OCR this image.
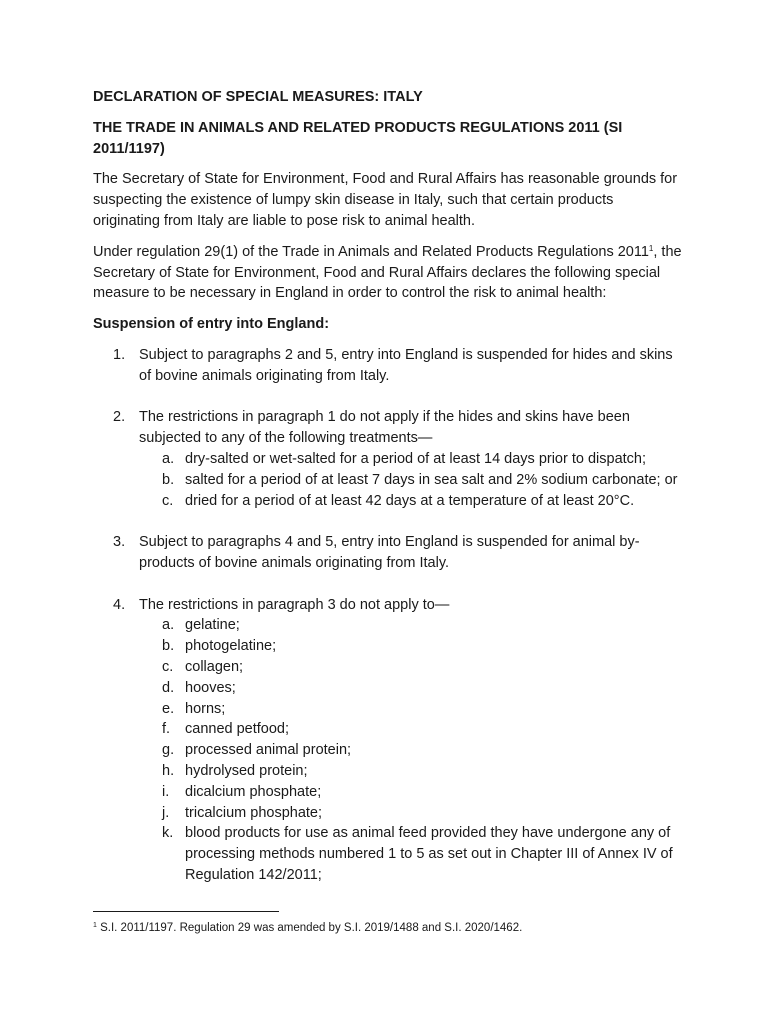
DECLARATION OF SPECIAL MEASURES: ITALY

THE TRADE IN ANIMALS AND RELATED PRODUCTS REGULATIONS 2011 (SI 2011/1197)

The Secretary of State for Environment, Food and Rural Affairs has reasonable grounds for suspecting the existence of lumpy skin disease in Italy, such that certain products originating from Italy are liable to pose risk to animal health.

Under regulation 29(1) of the Trade in Animals and Related Products Regulations 2011$^1$, the Secretary of State for Environment, Food and Rural Affairs declares the following special measure to be necessary in England in order to control the risk to animal health:

Suspension of entry into England:

1. Subject to paragraphs 2 and 5, entry into England is suspended for hides and skins of bovine animals originating from Italy.
2. The restrictions in paragraph 1 do not apply if the hides and skins have been subjected to any of the following treatments—
a. dry-salted or wet-salted for a period of at least 14 days prior to dispatch;
b. salted for a period of at least 7 days in sea salt and 2% sodium carbonate; or
c. dried for a period of at least 42 days at a temperature of at least 20°C.
3. Subject to paragraphs 4 and 5, entry into England is suspended for animal by-products of bovine animals originating from Italy.
4. The restrictions in paragraph 3 do not apply to—
a. gelatine;
b. photogelatine;
c. collagen;
d. hooves;
e. horns;
f. canned petfood;
g. processed animal protein;
h. hydrolysed protein;
i. dicalcium phosphate;
j. tricalcium phosphate;
k. blood products for use as animal feed provided they have undergone any of processing methods numbered 1 to 5 as set out in Chapter III of Annex IV of Regulation 142/2011;
$^1$ S.I. 2011/1197. Regulation 29 was amended by S.I. 2019/1488 and S.I. 2020/1462.
